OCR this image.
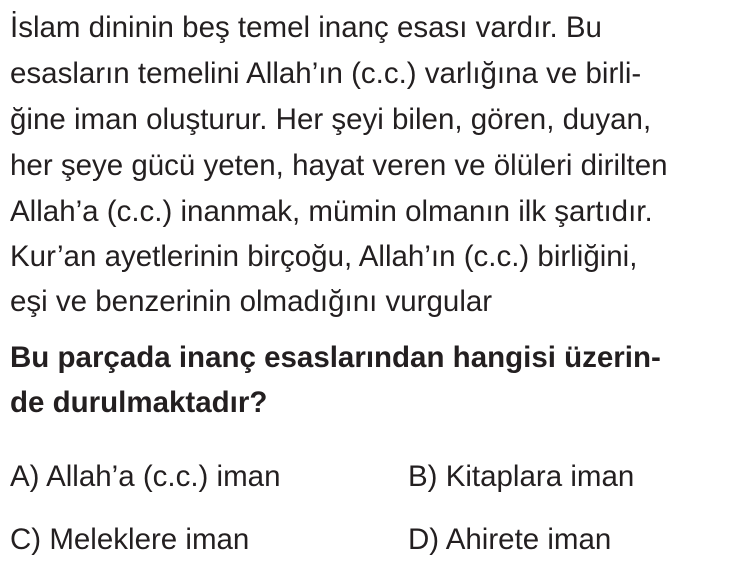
İslam dininin beş temel inanç esası vardır. Bu
esasların temelini Allah’ın (c.c.) varlığına ve birli-
ğine iman oluşturur. Her şeyi bilen, gören, duyan,
her şeye gücü yeten, hayat veren ve ölüleri dirilten
Allah’a (c.c.) inanmak, mümin olmanın ilk şartıdır.
Kur’an ayetlerinin birçoğu, Allah’ın (c.c.) birliğini,
eşi ve benzerinin olmadığını vurgular
Bu parçada inanç esaslarından hangisi üzerin-
de durulmaktadır?
A) Allah’a (c.c.) iman	B) Kitaplara iman
C) Meleklere iman	D) Ahirete iman
